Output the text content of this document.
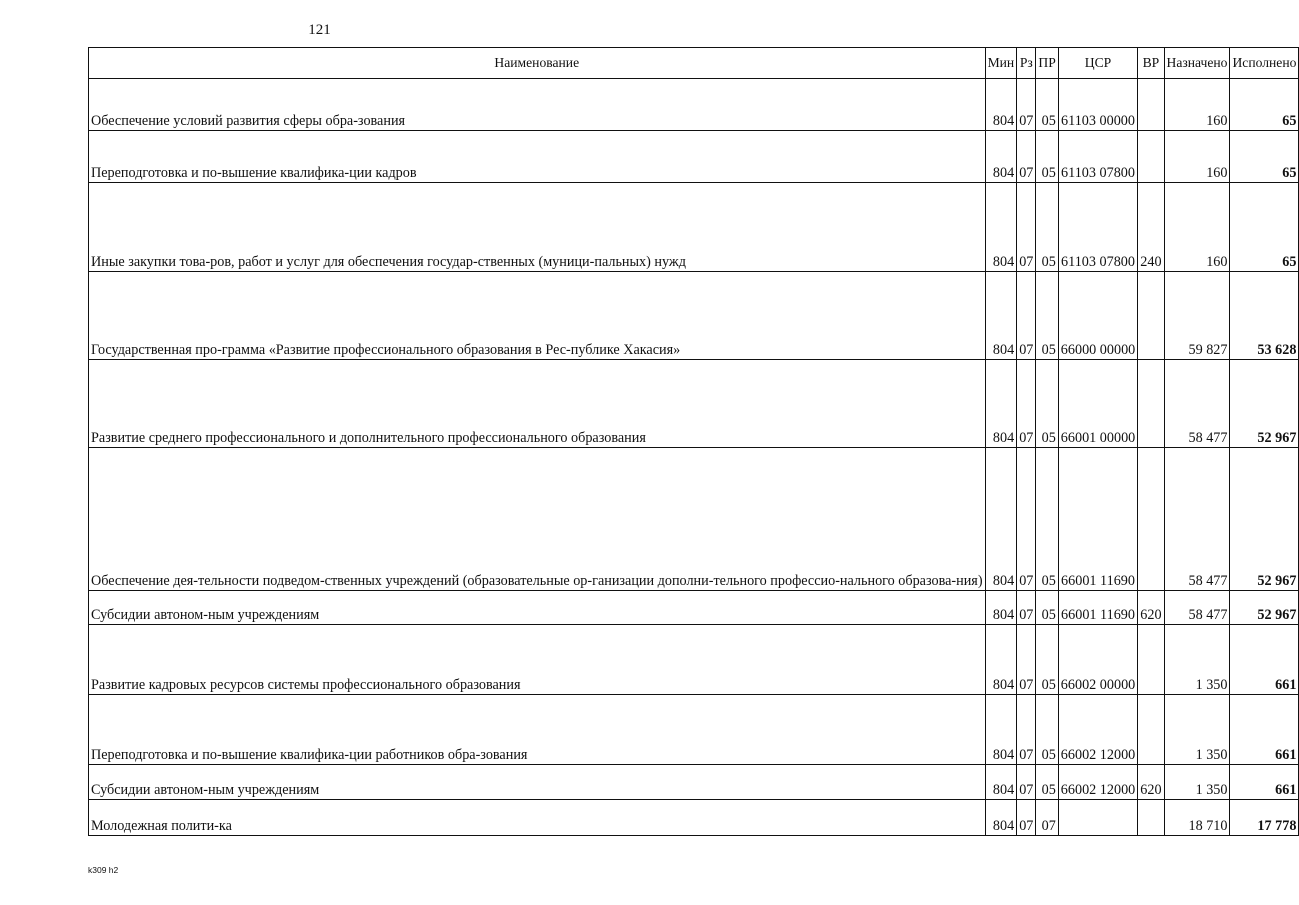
121
Наименование	Мин	Рз	ПР	ЦСР	ВР	Назначено	Исполнено
Обеспечение условий развития сферы обра-зования	804	07	05	61103 00000		160	65
Переподготовка и по-вышение квалифика-ции кадров	804	07	05	61103 07800		160	65
Иные закупки това-ров, работ и услуг для обеспечения государ-ственных (муници-пальных) нужд	804	07	05	61103 07800	240	160	65
Государственная про-грамма «Развитие профессионального образования в Рес-публике Хакасия»	804	07	05	66000 00000		59 827	53 628
Развитие среднего профессионального и дополнительного профессионального образования	804	07	05	66001 00000		58 477	52 967
Обеспечение дея-тельности подведом-ственных учреждений (образовательные ор-ганизации дополни-тельного профессио-нального образова-ния)	804	07	05	66001 11690		58 477	52 967
Субсидии автоном-ным учреждениям	804	07	05	66001 11690	620	58 477	52 967
Развитие кадровых ресурсов системы профессионального образования	804	07	05	66002 00000		1 350	661
Переподготовка и по-вышение квалифика-ции работников обра-зования	804	07	05	66002 12000		1 350	661
Субсидии автоном-ным учреждениям	804	07	05	66002 12000	620	1 350	661
Молодежная полити-ка	804	07	07			18 710	17 778
k309 h2
